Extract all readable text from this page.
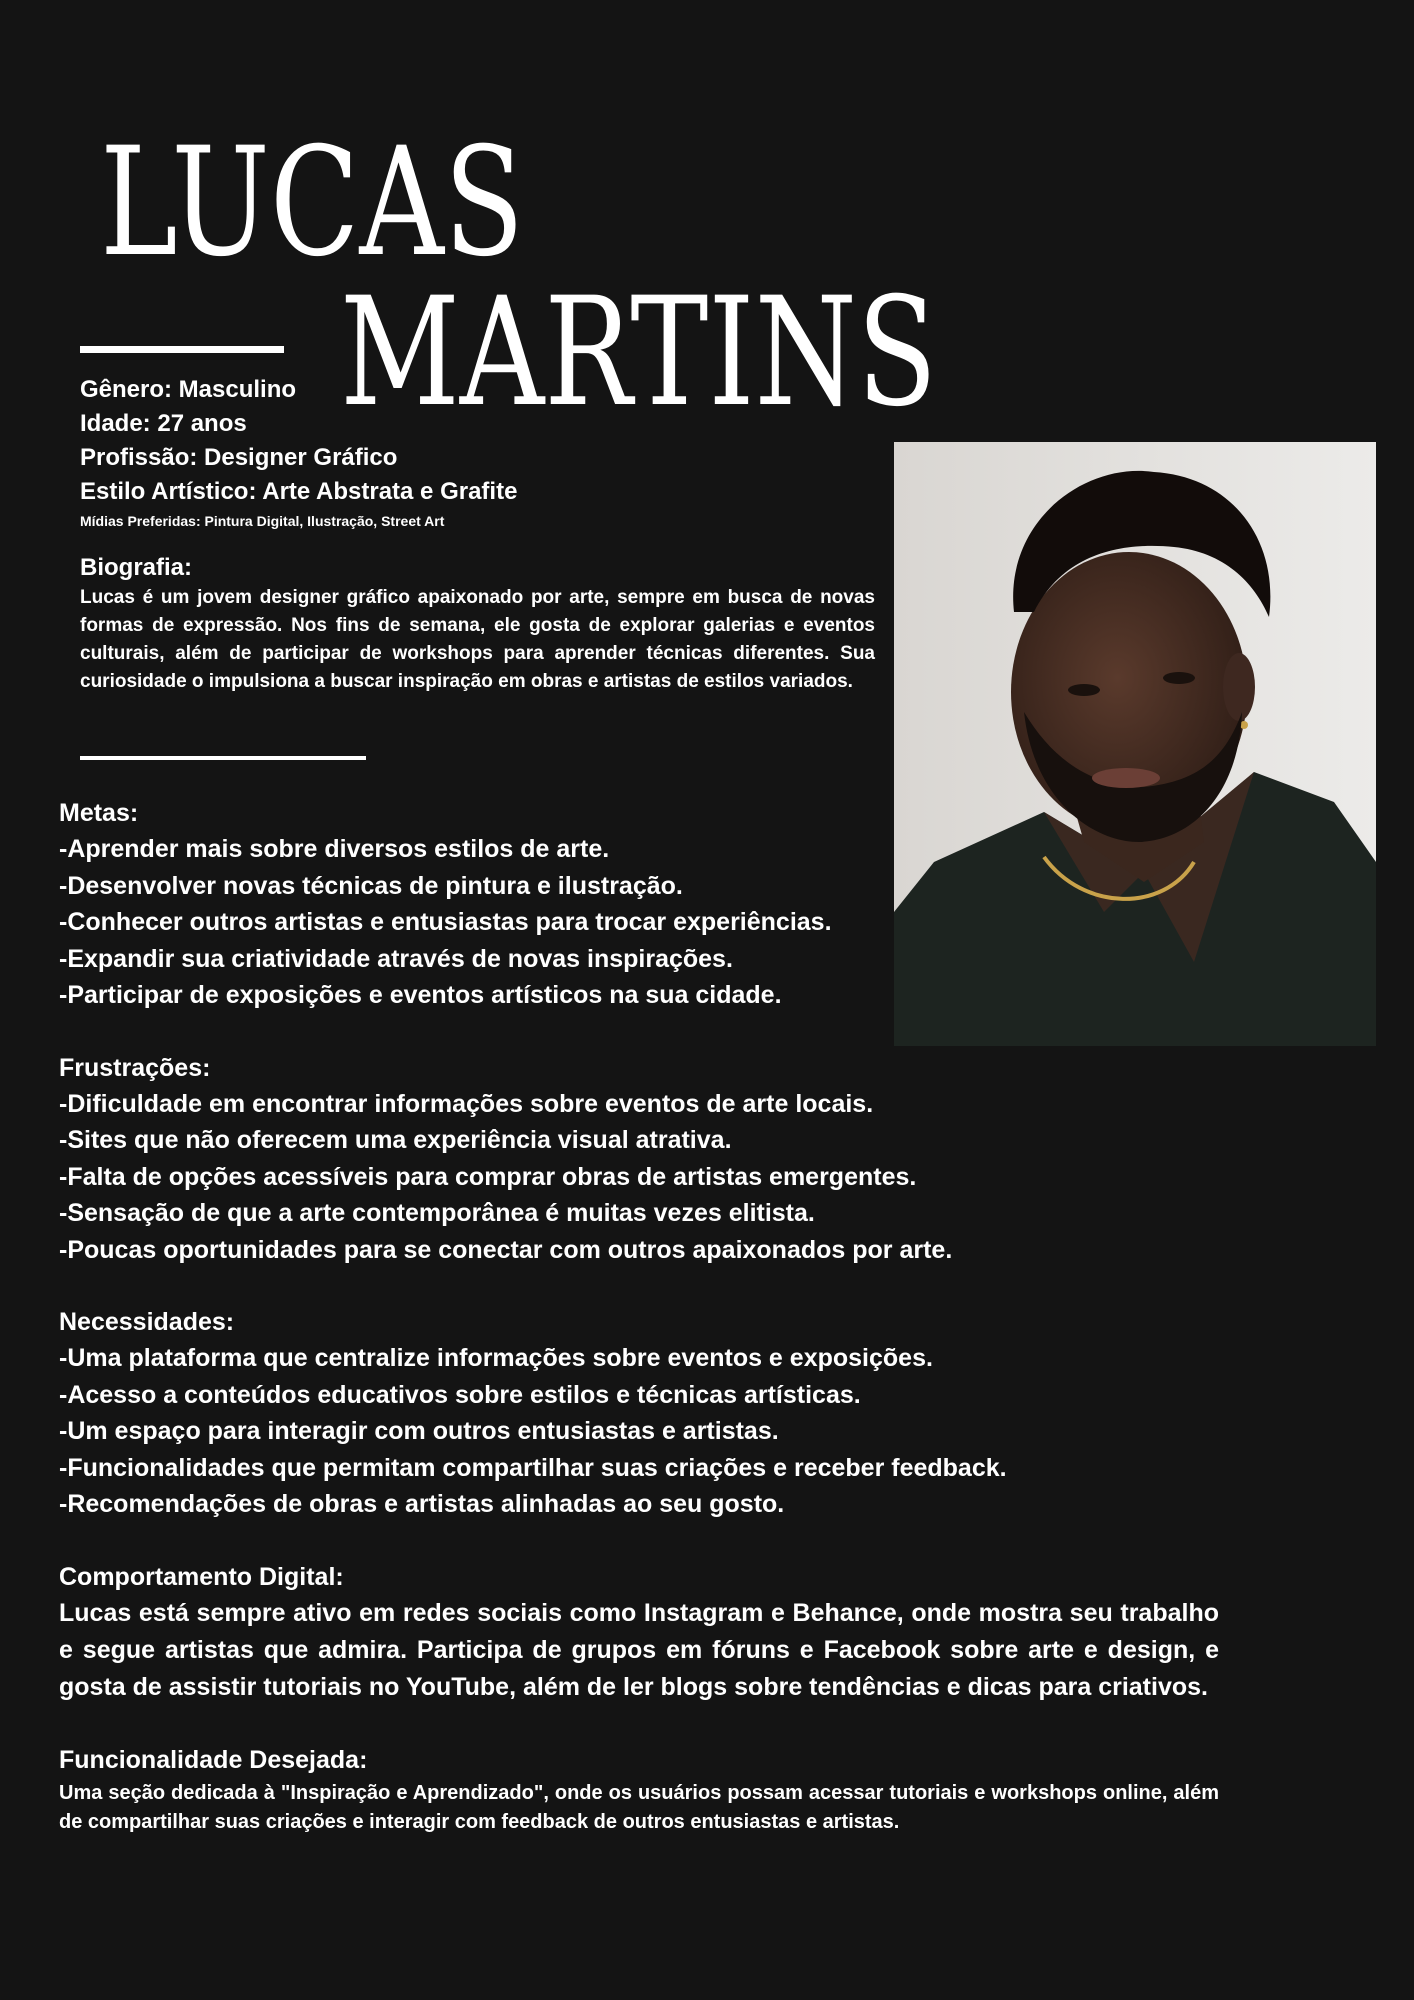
LUCAS
MARTINS
Gênero: Masculino
Idade: 27 anos
Profissão: Designer Gráfico
Estilo Artístico: Arte Abstrata e Grafite
Mídias Preferidas: Pintura Digital, Ilustração, Street Art
Biografia:
Lucas é um jovem designer gráfico apaixonado por arte, sempre em busca de novas formas de expressão. Nos fins de semana, ele gosta de explorar galerias e eventos culturais, além de participar de workshops para aprender técnicas diferentes. Sua curiosidade o impulsiona a buscar inspiração em obras e artistas de estilos variados.
Metas:
-Aprender mais sobre diversos estilos de arte.
-Desenvolver novas técnicas de pintura e ilustração.
-Conhecer outros artistas e entusiastas para trocar experiências.
-Expandir sua criatividade através de novas inspirações.
-Participar de exposições e eventos artísticos na sua cidade.
Frustrações:
-Dificuldade em encontrar informações sobre eventos de arte locais.
-Sites que não oferecem uma experiência visual atrativa.
-Falta de opções acessíveis para comprar obras de artistas emergentes.
-Sensação de que a arte contemporânea é muitas vezes elitista.
-Poucas oportunidades para se conectar com outros apaixonados por arte.
Necessidades:
-Uma plataforma que centralize informações sobre eventos e exposições.
-Acesso a conteúdos educativos sobre estilos e técnicas artísticas.
-Um espaço para interagir com outros entusiastas e artistas.
-Funcionalidades que permitam compartilhar suas criações e receber feedback.
-Recomendações de obras e artistas alinhadas ao seu gosto.
Comportamento Digital:
Lucas está sempre ativo em redes sociais como Instagram e Behance, onde mostra seu trabalho e segue artistas que admira. Participa de grupos em fóruns e Facebook sobre arte e design, e gosta de assistir tutoriais no YouTube, além de ler blogs sobre tendências e dicas para criativos.
Funcionalidade Desejada:
Uma seção dedicada à "Inspiração e Aprendizado", onde os usuários possam acessar tutoriais e workshops online, além de compartilhar suas criações e interagir com feedback de outros entusiastas e artistas.
